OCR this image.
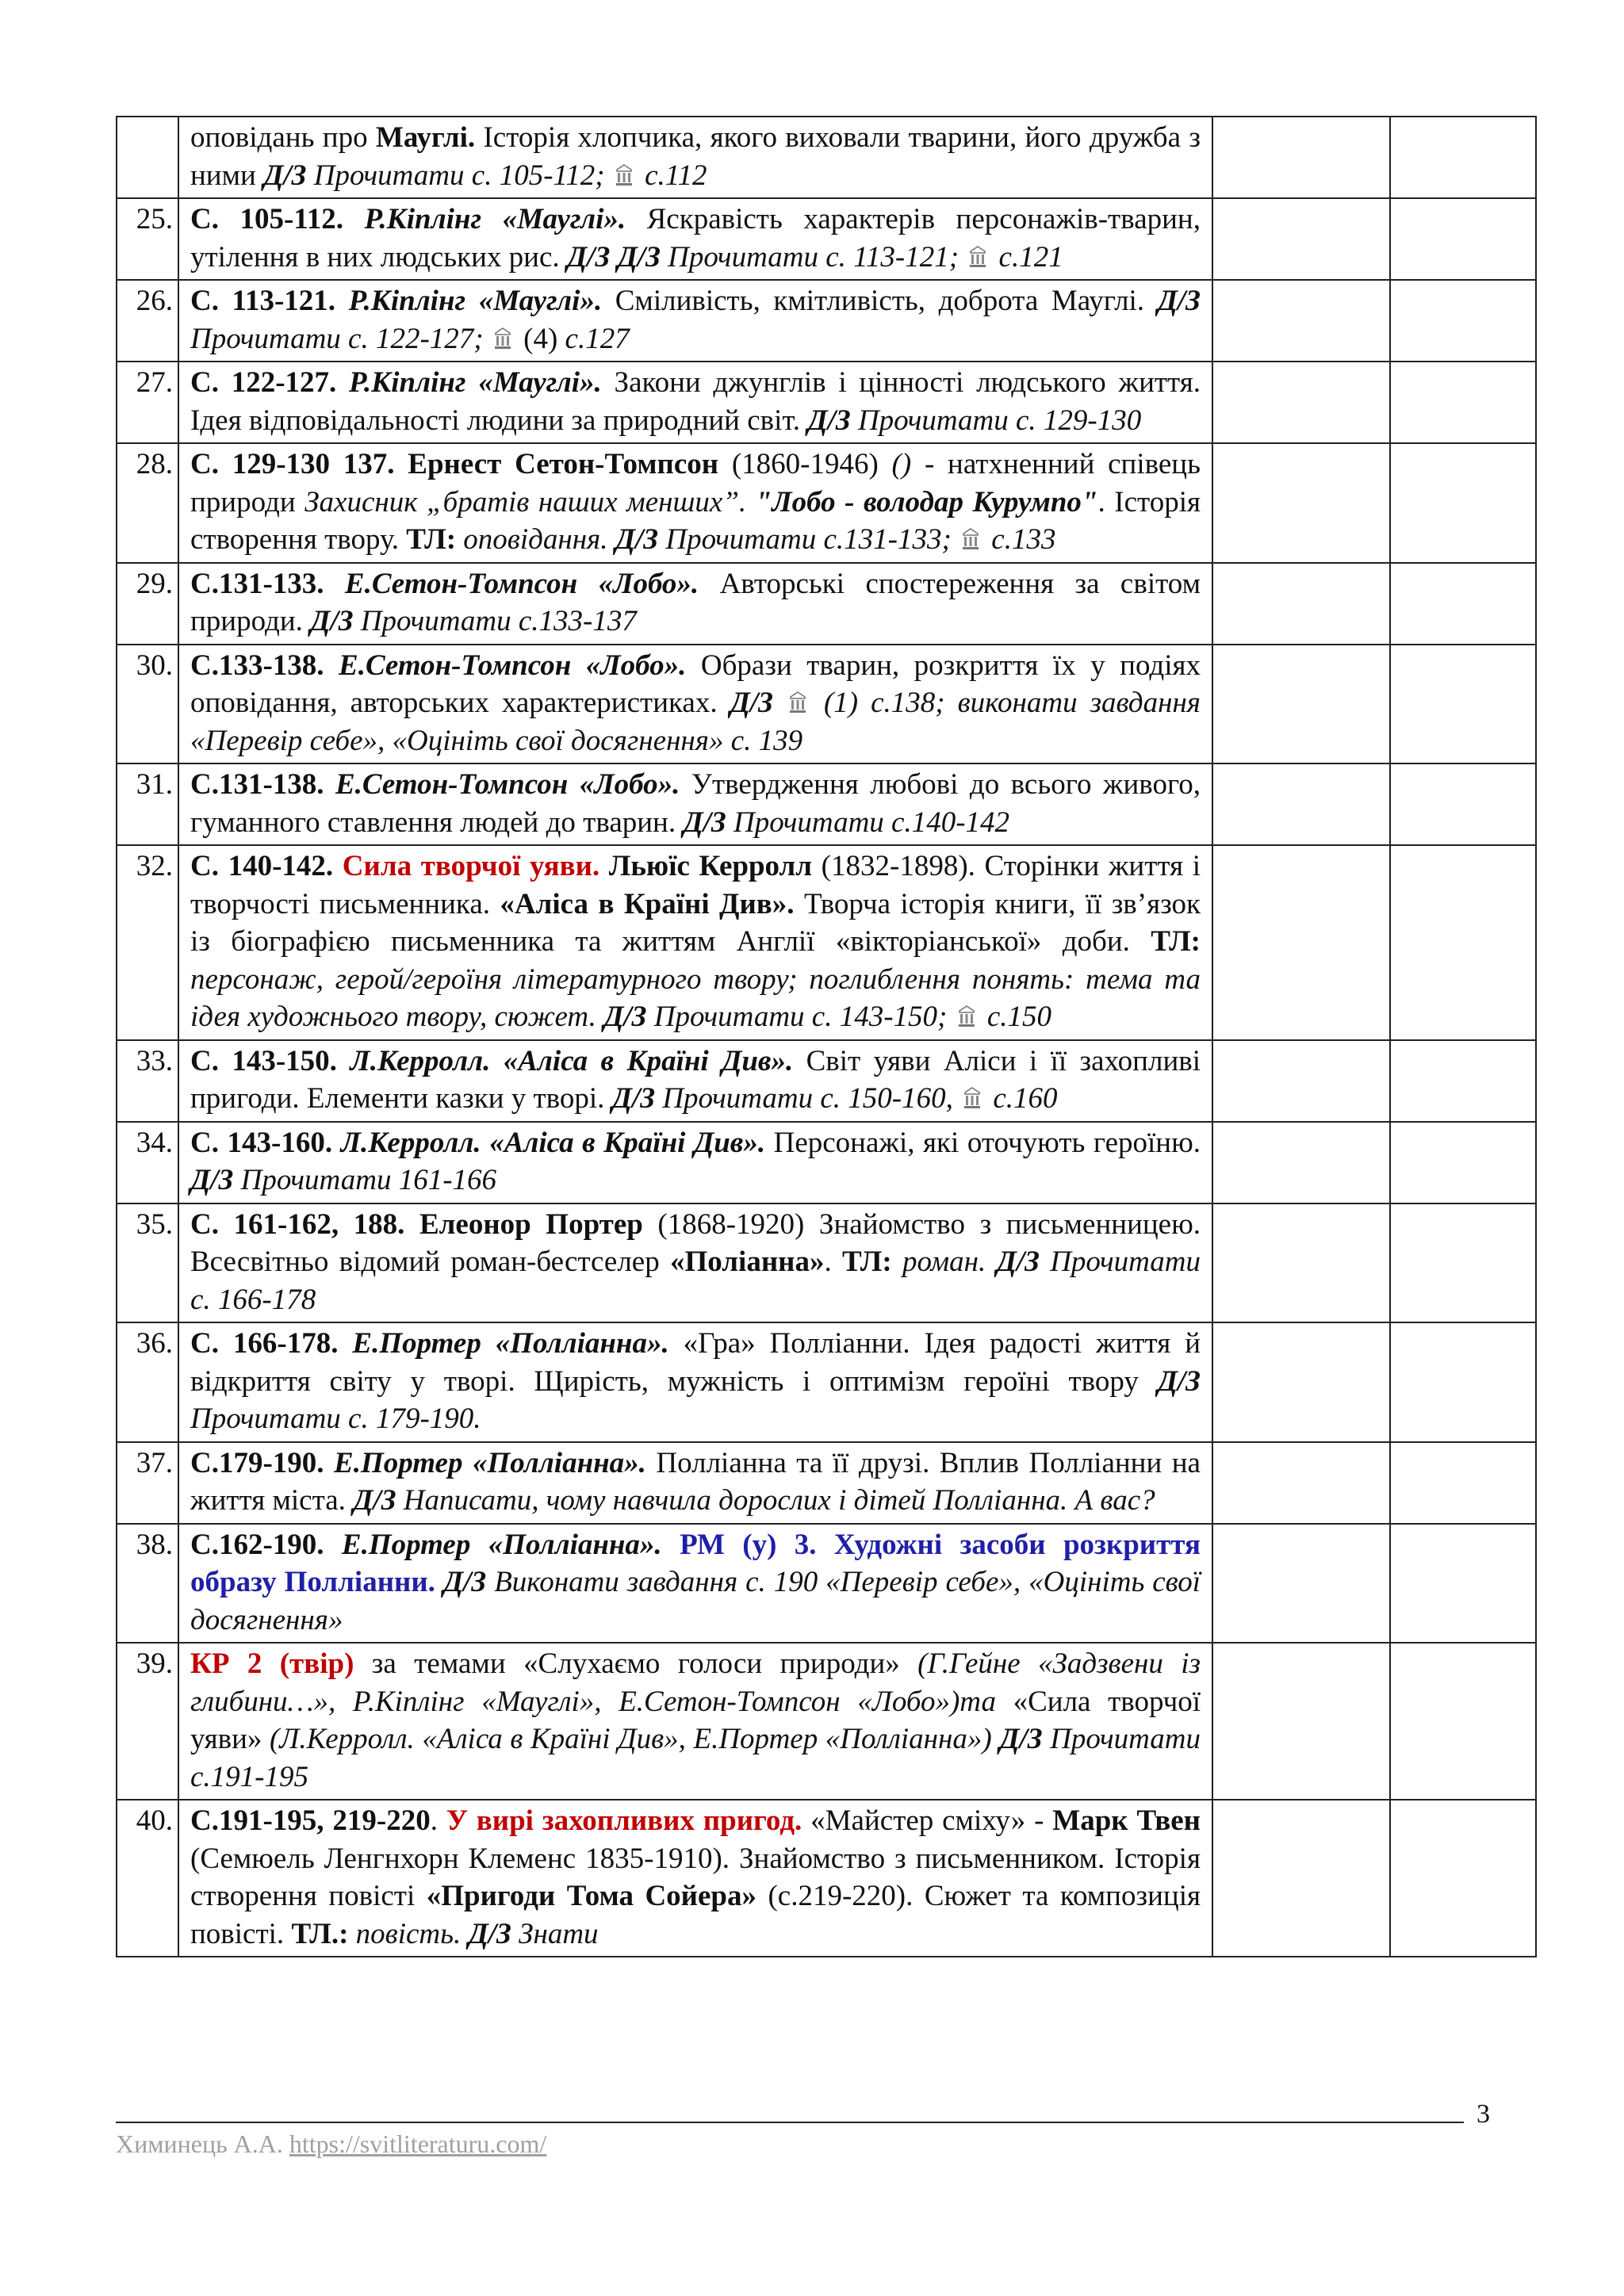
	оповідань про Мауглі. Історія хлопчика, якого виховали тварини, його дружба з ними Д/З Прочитати с. 105-112;  с.112		
25.	С. 105-112. Р.Кіплінг «Мауглі». Яскравість характерів персонажів-тварин, утілення в них людських рис. Д/З Д/З Прочитати с. 113-121;  с.121		
26.	С. 113-121. Р.Кіплінг «Мауглі». Сміливість, кмітливість, доброта Мауглі. Д/З Прочитати с. 122-127;  (4) с.127		
27.	С. 122-127. Р.Кіплінг «Мауглі». Закони джунглів і цінності людського життя. Ідея відповідальності людини за природний світ. Д/З Прочитати с. 129-130		
28.	С. 129-130 137. Ернест Сетон-Томпсон (1860-1946) () - натхненний співець природи Захисник „братів наших менших”. "Лобо - володар Курумпо". Історія створення твору. ТЛ: оповідання. Д/З Прочитати с.131-133;  с.133		
29.	С.131-133. Е.Сетон-Томпсон «Лобо». Авторські спостереження за світом природи. Д/З Прочитати с.133-137		
30.	С.133-138. Е.Сетон-Томпсон «Лобо». Образи тварин, розкриття їх у подіях оповідання, авторських характеристиках. Д/З  (1) с.138; виконати завдання «Перевір себе», «Оцініть свої досягнення» с. 139		
31.	С.131-138. Е.Сетон-Томпсон «Лобо». Утвердження любові до всього живого, гуманного ставлення людей до тварин. Д/З Прочитати с.140-142		
32.	С. 140-142. Сила творчої уяви. Льюїс Керролл (1832-1898). Сторінки життя і творчості письменника. «Аліса в Країні Див». Творча історія книги, її зв’язок із біографією письменника та життям Англії «вікторіанської» доби. ТЛ: персонаж, герой/героїня літературного твору; поглиблення понять: тема та ідея художнього твору, сюжет. Д/З Прочитати с. 143-150;  с.150		
33.	С. 143-150. Л.Керролл. «Аліса в Країні Див». Світ уяви Аліси і її захопливі пригоди. Елементи казки у творі. Д/З Прочитати с. 150-160,  с.160		
34.	С. 143-160. Л.Керролл. «Аліса в Країні Див». Персонажі, які оточують героїню. Д/З Прочитати 161-166		
35.	С. 161-162, 188. Елеонор Портер (1868-1920) Знайомство з письменницею. Всесвітньо відомий роман-бестселер «Поліанна». ТЛ: роман. Д/З Прочитати с. 166-178		
36.	С. 166-178. Е.Портер «Полліанна». «Гра» Полліанни. Ідея радості життя й відкриття світу у творі. Щирість, мужність і оптимізм героїні твору Д/З Прочитати с. 179-190.		
37.	С.179-190. Е.Портер «Полліанна». Полліанна та її друзі. Вплив Полліанни на життя міста. Д/З Написати, чому навчила дорослих і дітей Полліанна. А вас?		
38.	С.162-190. Е.Портер «Полліанна». РМ (у) 3. Художні засоби розкриття образу Полліанни. Д/З Виконати завдання с. 190 «Перевір себе», «Оцініть свої досягнення»		
39.	КР 2 (твір) за темами «Слухаємо голоси природи» (Г.Гейне «Задзвени із глибини…», Р.Кіплінг «Мауглі», Е.Сетон-Томпсон «Лобо»)та «Сила творчої уяви» (Л.Керролл. «Аліса в Країні Див», Е.Портер «Полліанна») Д/З Прочитати с.191-195		
40.	С.191-195, 219-220. У вирі захопливих пригод. «Майстер сміху» - Марк Твен (Семюель Ленгнхорн Клеменс 1835-1910). Знайомство з письменником. Історія створення повісті «Пригоди Тома Сойера» (с.219-220). Сюжет та композиція повісті. ТЛ.: повість. Д/З Знати		
3
Химинець А.А. https://svitliteraturu.com/
